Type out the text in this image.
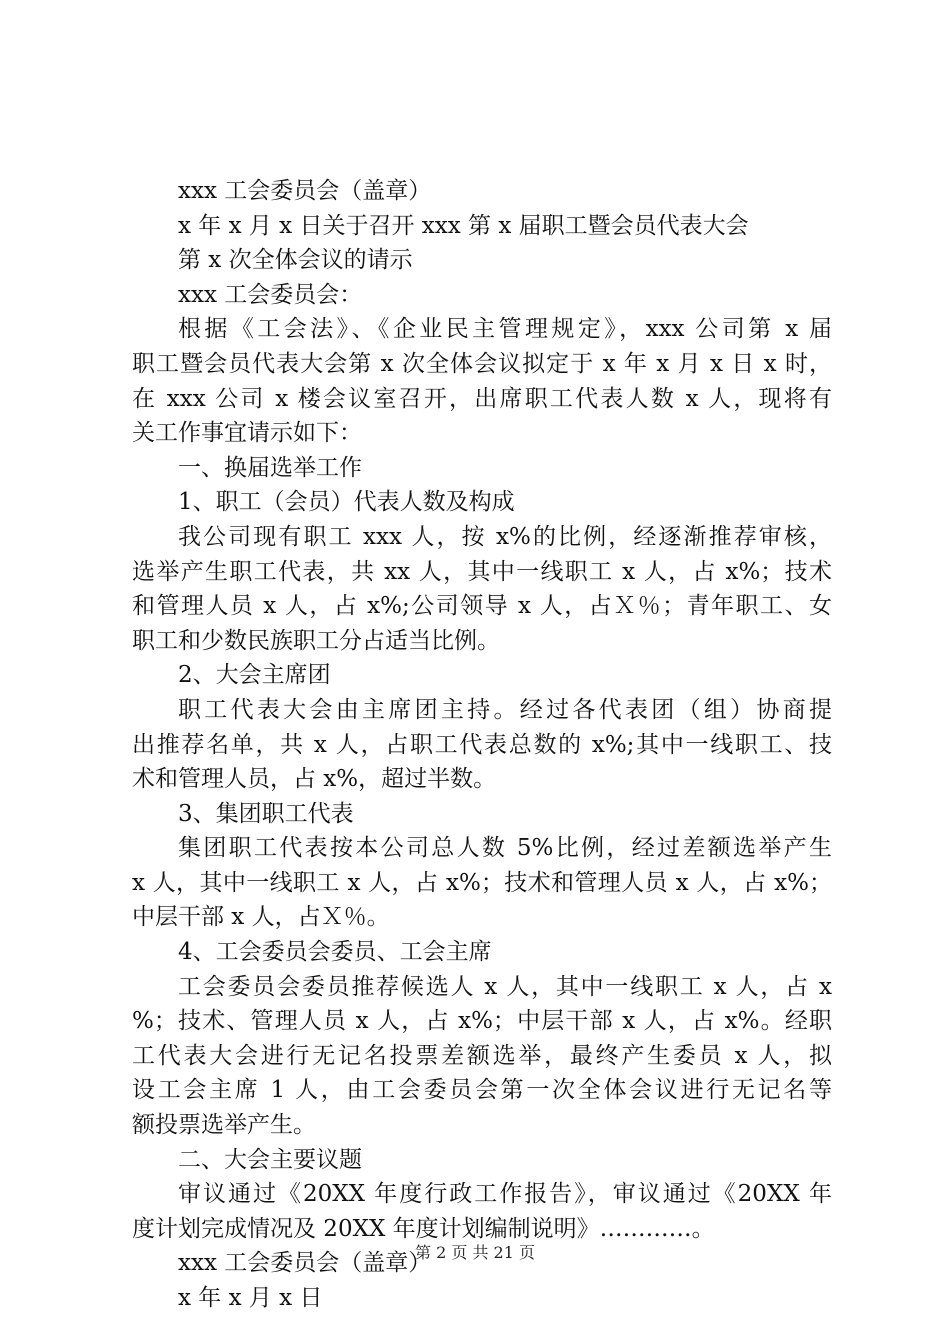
xxx 工会委员会（盖章）
x 年 x 月 x 日关于召开 xxx 第 x 届职工暨会员代表大会
第 x 次全体会议的请示
xxx 工会委员会：
根据《工会法》、《企业民主管理规定》，xxx 公司第 x 届
职工暨会员代表大会第 x 次全体会议拟定于 x 年 x 月 x 日 x 时，
在 xxx 公司 x 楼会议室召开，出席职工代表人数 x 人，现将有
关工作事宜请示如下：
一、换届选举工作
1、职工（会员）代表人数及构成
我公司现有职工 xxx 人，按 x%的比例，经逐渐推荐审核，
选举产生职工代表，共 xx 人，其中一线职工 x 人，占 x%；技术
和管理人员 x 人，占 x%;公司领导 x 人，占Ｘ％；青年职工、女
职工和少数民族职工分占适当比例。
2、大会主席团
职工代表大会由主席团主持。经过各代表团（组）协商提
出推荐名单，共 x 人，占职工代表总数的 x%;其中一线职工、技
术和管理人员，占 x%，超过半数。
3、集团职工代表
集团职工代表按本公司总人数 5%比例，经过差额选举产生
x 人，其中一线职工 x 人，占 x%；技术和管理人员 x 人，占 x%；
中层干部 x 人，占Ｘ％。
4、工会委员会委员、工会主席
工会委员会委员推荐候选人 x 人，其中一线职工 x 人，占 x
%；技术、管理人员 x 人，占 x%；中层干部 x 人，占 x%。经职
工代表大会进行无记名投票差额选举，最终产生委员 x 人，拟
设工会主席 1 人，由工会委员会第一次全体会议进行无记名等
额投票选举产生。
二、大会主要议题
审议通过《20XX 年度行政工作报告》，审议通过《20XX 年
度计划完成情况及 20XX 年度计划编制说明》…………。
xxx 工会委员会（盖章）
x 年 x 月 x 日
第 2 页 共 21 页
